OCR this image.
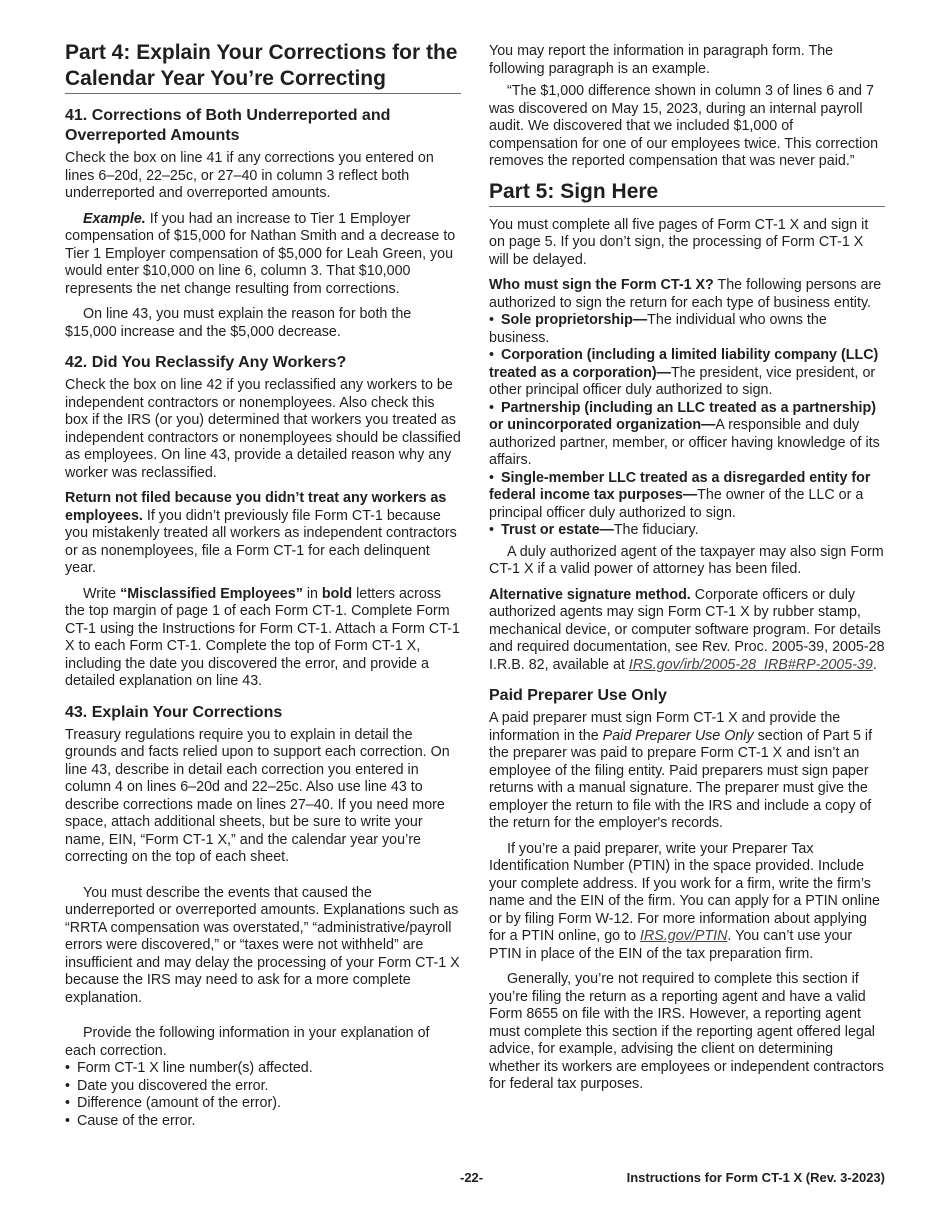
Part 4: Explain Your Corrections for the Calendar Year You’re Correcting
41. Corrections of Both Underreported and Overreported Amounts

Check the box on line 41 if any corrections you entered on lines 6–20d, 22–25c, or 27–40 in column 3 reflect both underreported and overreported amounts.

Example. If you had an increase to Tier 1 Employer compensation of $15,000 for Nathan Smith and a decrease to Tier 1 Employer compensation of $5,000 for Leah Green, you would enter $10,000 on line 6, column 3. That $10,000 represents the net change resulting from corrections.

On line 43, you must explain the reason for both the $15,000 increase and the $5,000 decrease.

42. Did You Reclassify Any Workers?

Check the box on line 42 if you reclassified any workers to be independent contractors or nonemployees. Also check this box if the IRS (or you) determined that workers you treated as independent contractors or nonemployees should be classified as employees. On line 43, provide a detailed reason why any worker was reclassified.

Return not filed because you didn’t treat any workers as employees. If you didn’t previously file Form CT-1 because you mistakenly treated all workers as independent contractors or as nonemployees, file a Form CT-1 for each delinquent year.

Write “Misclassified Employees” in bold letters across the top margin of page 1 of each Form CT-1. Complete Form CT-1 using the Instructions for Form CT-1. Attach a Form CT-1 X to each Form CT-1. Complete the top of Form CT-1 X, including the date you discovered the error, and provide a detailed explanation on line 43.

43. Explain Your Corrections

Treasury regulations require you to explain in detail the grounds and facts relied upon to support each correction. On line 43, describe in detail each correction you entered in column 4 on lines 6–20d and 22–25c. Also use line 43 to describe corrections made on lines 27–40. If you need more space, attach additional sheets, but be sure to write your name, EIN, “Form CT-1 X,” and the calendar year you’re correcting on the top of each sheet.

You must describe the events that caused the underreported or overreported amounts. Explanations such as “RRTA compensation was overstated,” “administrative/payroll errors were discovered,” or “taxes were not withheld” are insufficient and may delay the processing of your Form CT-1 X because the IRS may need to ask for a more complete explanation.

Provide the following information in your explanation of each correction.

• Form CT-1 X line number(s) affected.
• Date you discovered the error.
• Difference (amount of the error).
• Cause of the error.

You may report the information in paragraph form. The following paragraph is an example.

“The $1,000 difference shown in column 3 of lines 6 and 7 was discovered on May 15, 2023, during an internal payroll audit. We discovered that we included $1,000 of compensation for one of our employees twice. This correction removes the reported compensation that was never paid.”

Part 5: Sign Here

You must complete all five pages of Form CT-1 X and sign it on page 5. If you don’t sign, the processing of Form CT-1 X will be delayed.

Who must sign the Form CT-1 X? The following persons are authorized to sign the return for each type of business entity.

• Sole proprietorship—The individual who owns the business.
• Corporation (including a limited liability company (LLC) treated as a corporation)—The president, vice president, or other principal officer duly authorized to sign.
• Partnership (including an LLC treated as a partnership) or unincorporated organization—A responsible and duly authorized partner, member, or officer having knowledge of its affairs.
• Single-member LLC treated as a disregarded entity for federal income tax purposes—The owner of the LLC or a principal officer duly authorized to sign.
• Trust or estate—The fiduciary.

A duly authorized agent of the taxpayer may also sign Form CT-1 X if a valid power of attorney has been filed.

Alternative signature method. Corporate officers or duly authorized agents may sign Form CT-1 X by rubber stamp, mechanical device, or computer software program. For details and required documentation, see Rev. Proc. 2005-39, 2005-28 I.R.B. 82, available at IRS.gov/irb/2005-28_IRB#RP-2005-39.

Paid Preparer Use Only

A paid preparer must sign Form CT-1 X and provide the information in the Paid Preparer Use Only section of Part 5 if the preparer was paid to prepare Form CT-1 X and isn’t an employee of the filing entity. Paid preparers must sign paper returns with a manual signature. The preparer must give the employer the return to file with the IRS and include a copy of the return for the employer's records.

If you’re a paid preparer, write your Preparer Tax Identification Number (PTIN) in the space provided. Include your complete address. If you work for a firm, write the firm’s name and the EIN of the firm. You can apply for a PTIN online or by filing Form W-12. For more information about applying for a PTIN online, go to IRS.gov/PTIN. You can’t use your PTIN in place of the EIN of the tax preparation firm.

Generally, you’re not required to complete this section if you’re filing the return as a reporting agent and have a valid Form 8655 on file with the IRS. However, a reporting agent must complete this section if the reporting agent offered legal advice, for example, advising the client on determining whether its workers are employees or independent contractors for federal tax purposes.

-22-	Instructions for Form CT-1 X (Rev. 3-2023)
